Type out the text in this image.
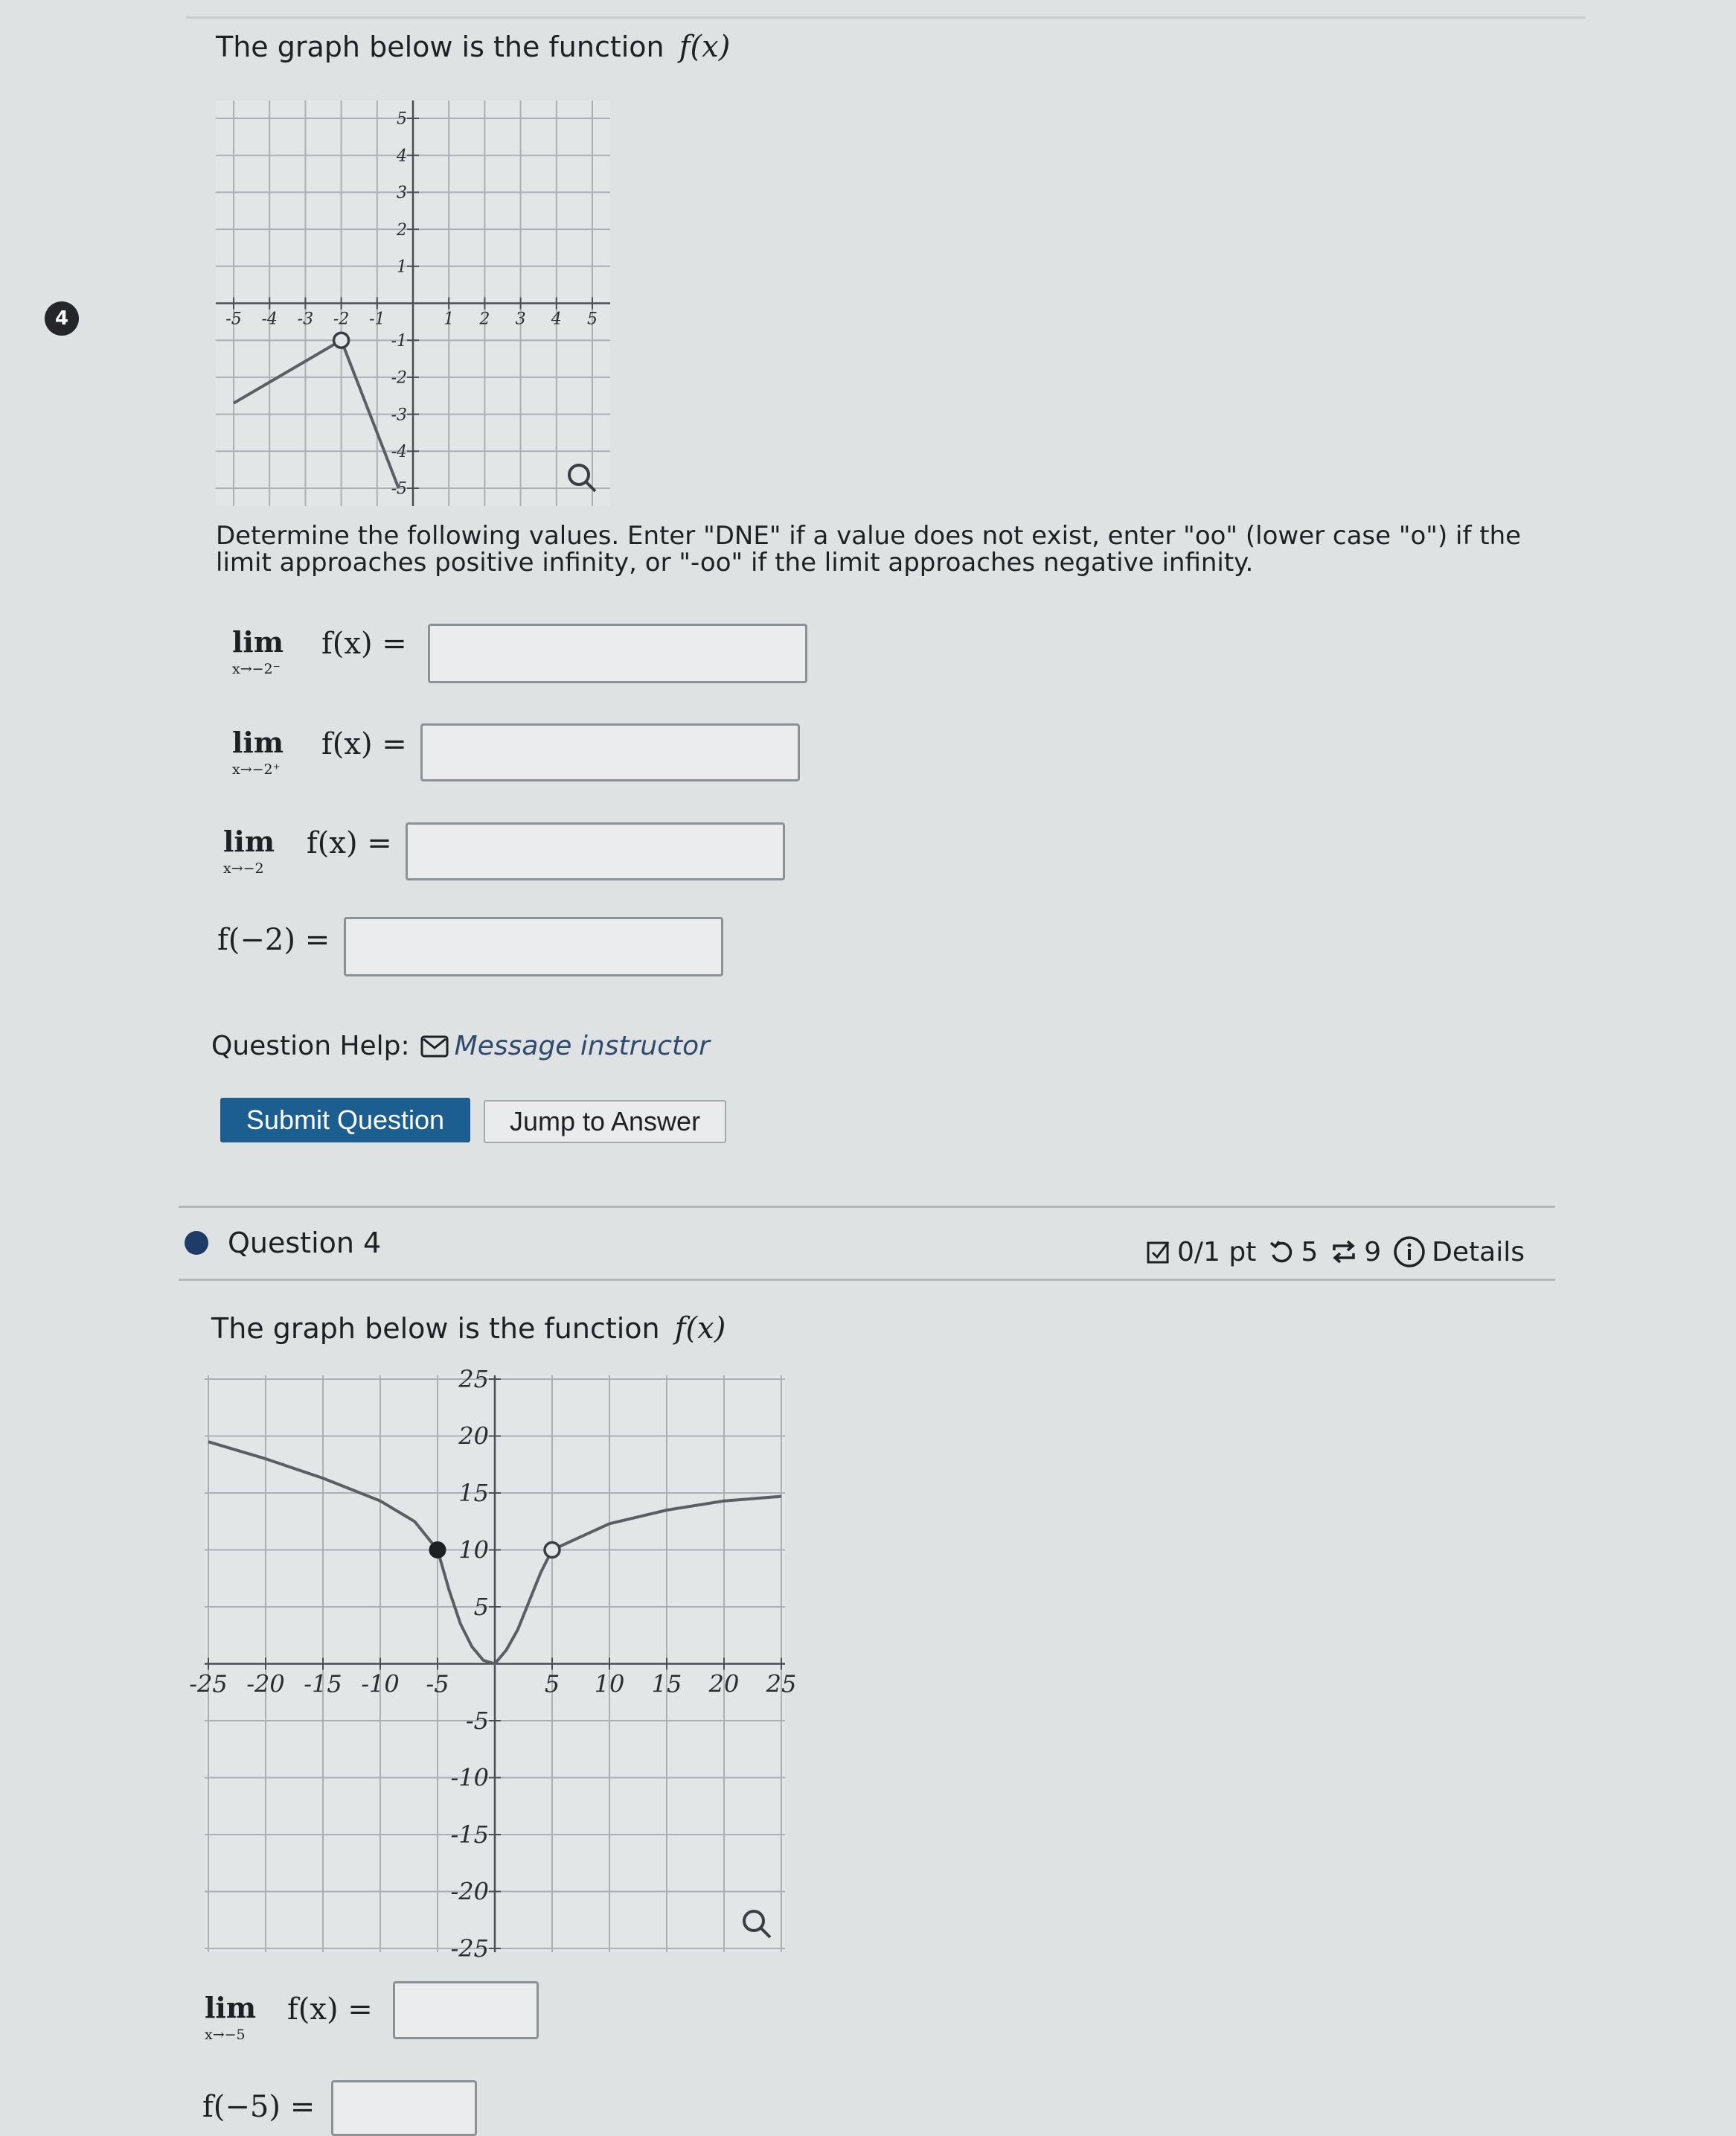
4
The graph below is the function f(x)
-5 -4 -3 -2 -1	1 2 3 4 5
5
4
3
2
1
-1
-2
-3
-4
-5
Determine the following values. Enter "DNE" if a value does not exist, enter "oo" (lower case "o") if the limit approaches positive infinity, or "-oo" if the limit approaches negative infinity.
lim
x→−2⁻
f(x) =
lim
x→−2⁺
f(x) =
lim
x→−2
f(x) =
f(−2) =
Question Help: Message instructor
Submit Question	Jump to Answer
Question 4	0/1 pt 5 9 Details
The graph below is the function f(x)
-25 -20 -15 -10 -5	5 10 15 20 25
25
20
15
10
5
-5
-10
-15
-20
-25
lim
x→−5
f(x) =
f(−5) =
